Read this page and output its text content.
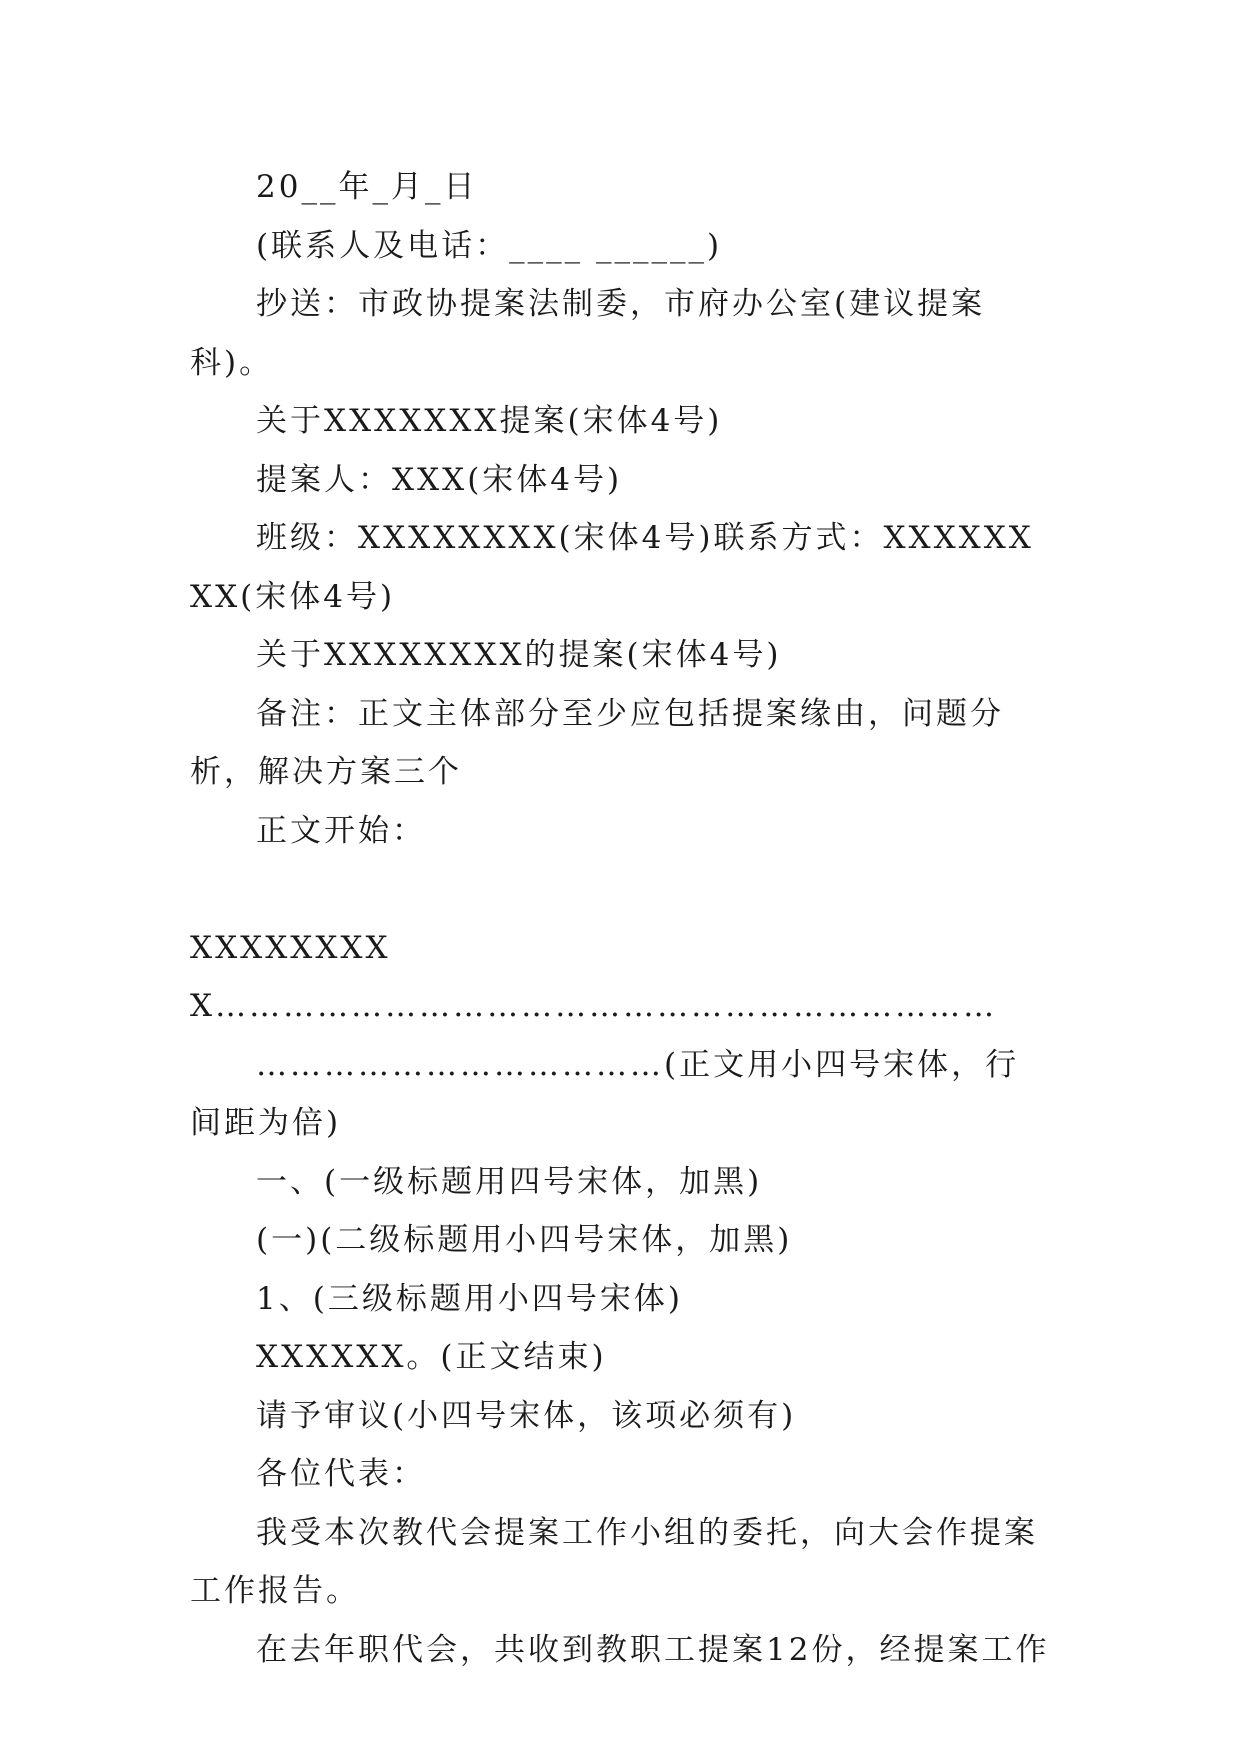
20__年_月_日

(联系人及电话：____ ______)

抄送：市政协提案法制委，市府办公室(建议提案科)。

关于XXXXXXX提案(宋体4号)

提案人：XXX(宋体4号)

班级：XXXXXXXX(宋体4号)联系方式：XXXXXXXX(宋体4号)

关于XXXXXXXX的提案(宋体4号)

备注：正文主体部分至少应包括提案缘由，问题分析，解决方案三个

正文开始：

XXXXXXXXX……………………………………………………………

………………………………(正文用小四号宋体，行间距为倍)

一、(一级标题用四号宋体，加黑)

(一)(二级标题用小四号宋体，加黑)

1、(三级标题用小四号宋体)

XXXXXX。(正文结束)

请予审议(小四号宋体，该项必须有)

各位代表：

我受本次教代会提案工作小组的委托，向大会作提案工作报告。

在去年职代会，共收到教职工提案12份，经提案工作
